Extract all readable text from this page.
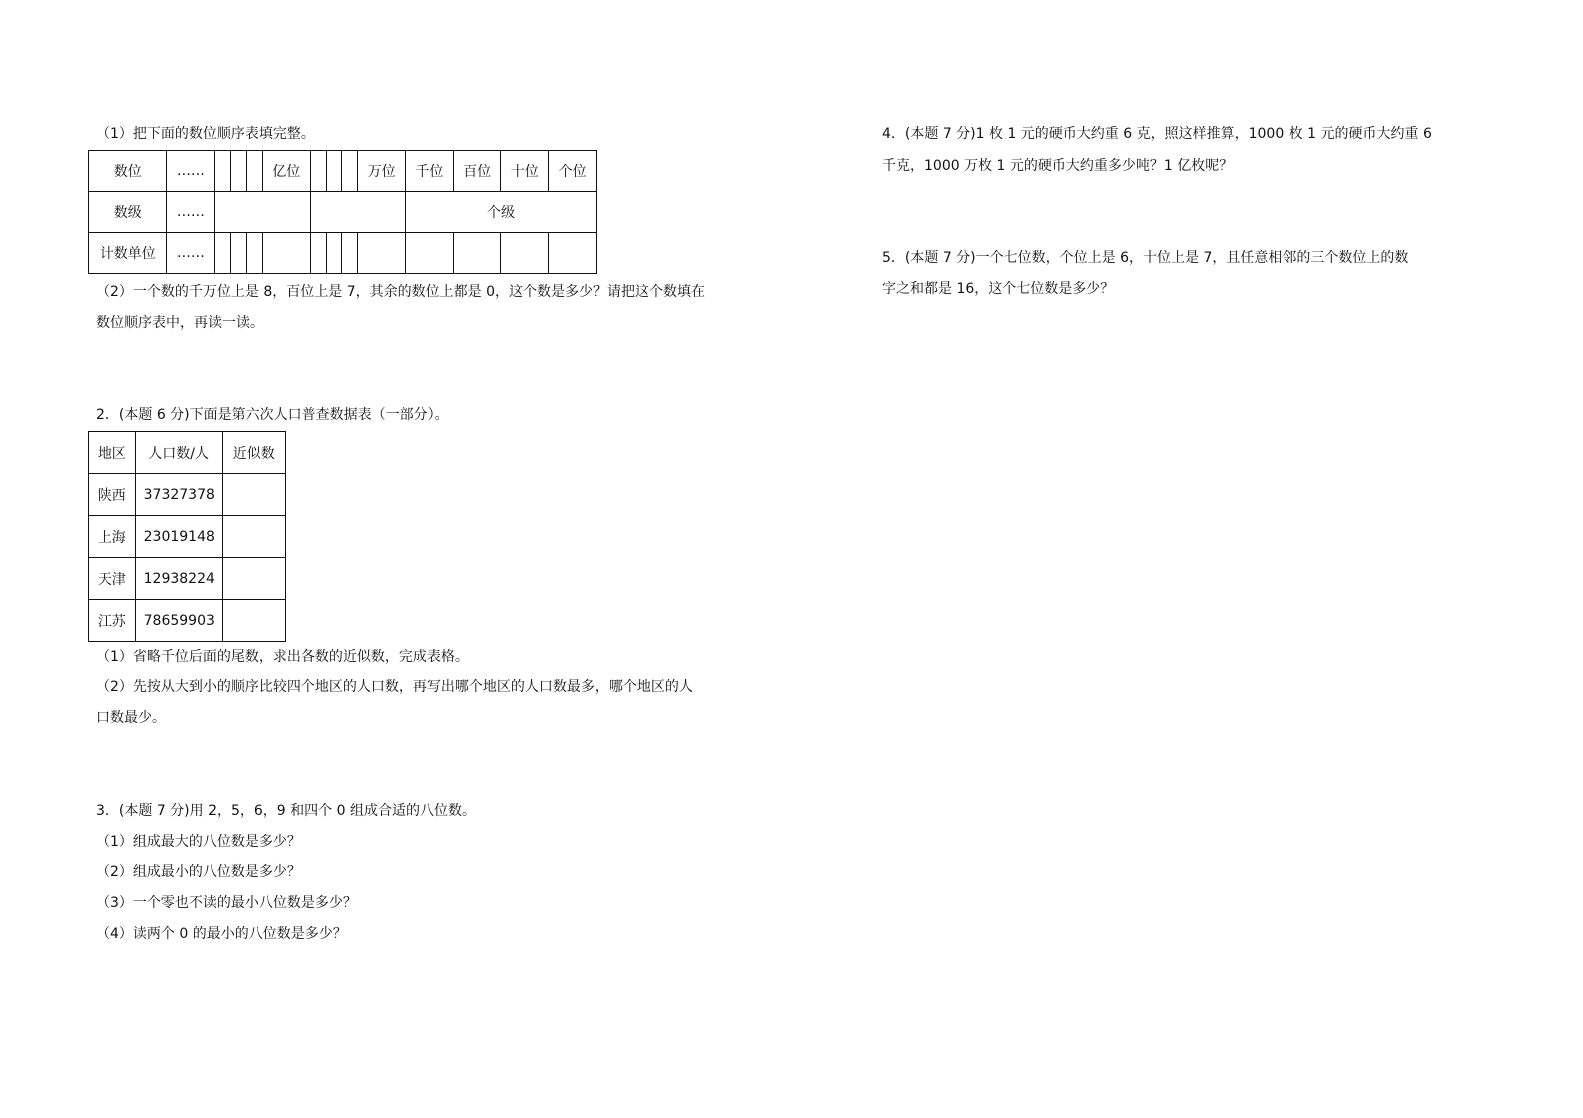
（1）把下面的数位顺序表填完整。
数位	……				亿位				万位	千位	百位	十位	个位
数级	……									个级			
计数单位	……												
（2）一个数的千万位上是 8，百位上是 7，其余的数位上都是 0，这个数是多少？请把这个数填在
数位顺序表中，再读一读。
2．(本题 6 分)下面是第六次人口普查数据表（一部分）。
地区	人口数/人	近似数
陕西	37327378	
上海	23019148	
天津	12938224	
江苏	78659903	
（1）省略千位后面的尾数，求出各数的近似数，完成表格。
（2）先按从大到小的顺序比较四个地区的人口数，再写出哪个地区的人口数最多，哪个地区的人
口数最少。
3．(本题 7 分)用 2，5，6，9 和四个 0 组成合适的八位数。
（1）组成最大的八位数是多少？
（2）组成最小的八位数是多少？
（3）一个零也不读的最小八位数是多少？
（4）读两个 0 的最小的八位数是多少？
4．(本题 7 分)1 枚 1 元的硬币大约重 6 克，照这样推算，1000 枚 1 元的硬币大约重 6
千克，1000 万枚 1 元的硬币大约重多少吨？1 亿枚呢？
5．(本题 7 分)一个七位数，个位上是 6，十位上是 7，且任意相邻的三个数位上的数
字之和都是 16，这个七位数是多少？
